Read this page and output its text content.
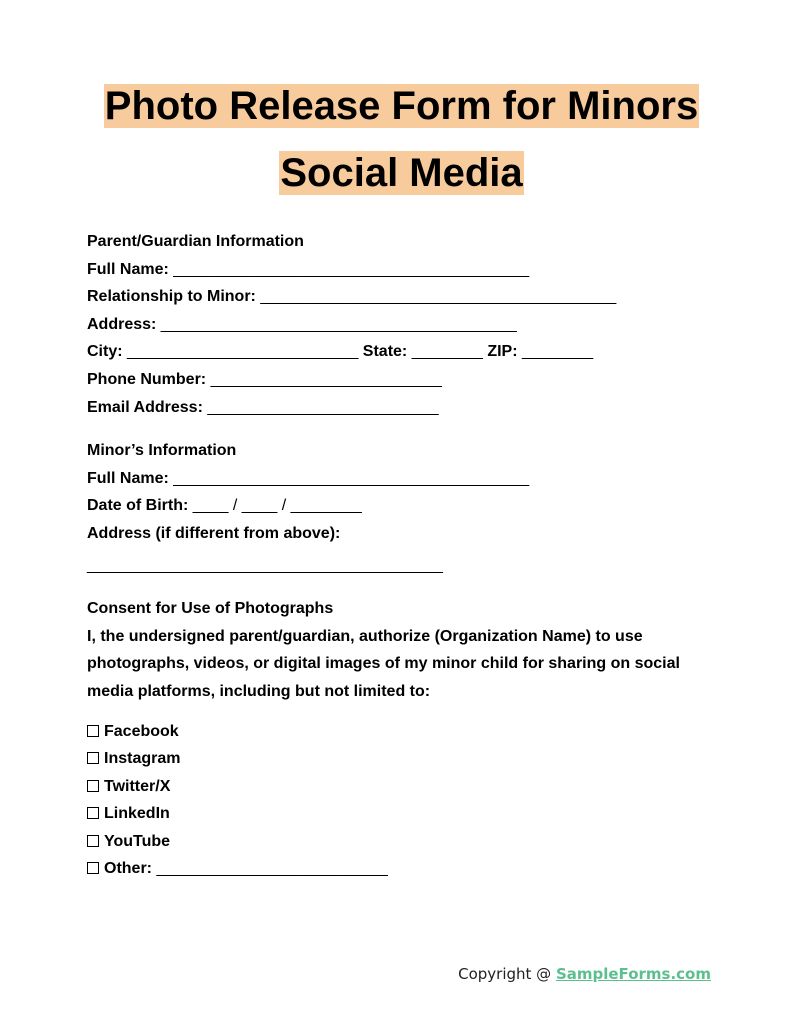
Photo Release Form for Minors
Social Media
Parent/Guardian Information
Full Name: ________________________________________
Relationship to Minor: ________________________________________
Address: ________________________________________
City: __________________________ State: ________ ZIP: ________
Phone Number: __________________________
Email Address: __________________________
Minor’s Information
Full Name: ________________________________________
Date of Birth: ____ / ____ / ________
Address (if different from above):
________________________________________
Consent for Use of Photographs

I, the undersigned parent/guardian, authorize (Organization Name) to use photographs, videos, or digital images of my minor child for sharing on social media platforms, including but not limited to:

Facebook
Instagram
Twitter/X
LinkedIn
YouTube
Other: __________________________
Copyright @ SampleForms.com
